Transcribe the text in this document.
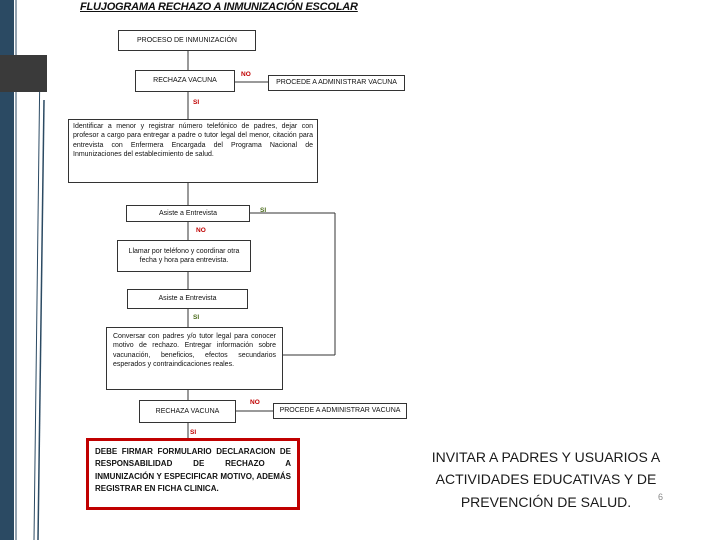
FLUJOGRAMA RECHAZO A INMUNIZACIÓN ESCOLAR
PROCESO DE INMUNIZACIÓN
RECHAZA VACUNA
NO
PROCEDE A ADMINISTRAR VACUNA
SI
Identificar a menor y registrar número telefónico de padres, dejar con profesor a cargo para entregar a padre o tutor legal del menor, citación para entrevista con Enfermera Encargada del Programa Nacional de Inmunizaciones del establecimiento de salud.
Asiste a Entrevista	SI
NO
Llamar por teléfono y coordinar otra fecha y hora para entrevista.
Asiste a Entrevista
SI
Conversar con padres y/o tutor legal para conocer motivo de rechazo. Entregar información sobre vacunación, beneficios, efectos secundarios esperados y contraindicaciones reales.
RECHAZA VACUNA
NO
PROCEDE A ADMINISTRAR VACUNA
SI
DEBE FIRMAR FORMULARIO DECLARACION DE RESPONSABILIDAD DE RECHAZO A INMUNIZACIÓN Y ESPECIFICAR MOTIVO, ADEMÁS REGISTRAR EN FICHA CLINICA.
INVITAR A PADRES Y USUARIOS A ACTIVIDADES EDUCATIVAS Y DE PREVENCIÓN DE SALUD.	6
